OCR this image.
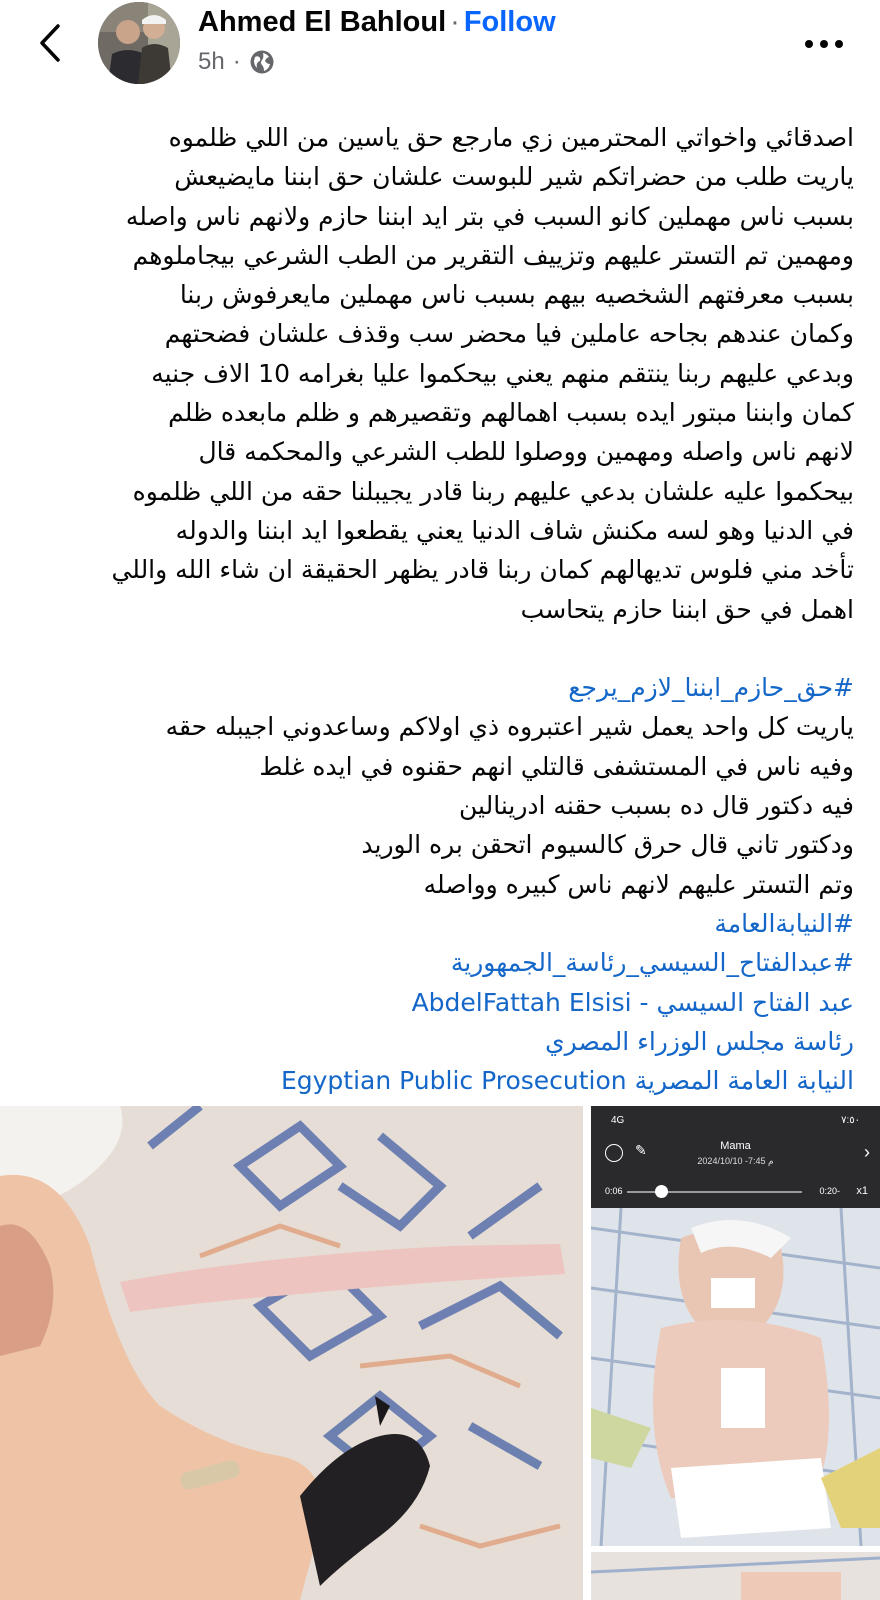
Ahmed El Bahloul · Follow
5h ·
اصدقائي واخواتي المحترمين زي مارجع حق ياسين من اللي ظلموه
ياريت طلب من حضراتكم شير للبوست علشان حق ابننا مايضيعش
بسبب ناس مهملين كانو السبب في بتر ايد ابننا حازم ولانهم ناس واصله
ومهمين تم التستر عليهم وتزييف التقرير من الطب الشرعي بيجاملوهم
بسبب معرفتهم الشخصيه بيهم بسبب ناس مهملين مايعرفوش ربنا
وكمان عندهم بجاحه عاملين فيا محضر سب وقذف علشان فضحتهم
وبدعي عليهم ربنا ينتقم منهم يعني بيحكموا عليا بغرامه 10 الاف جنيه
كمان وابننا مبتور ايده بسبب اهمالهم وتقصيرهم و ظلم مابعده ظلم
لانهم ناس واصله ومهمين ووصلوا للطب الشرعي والمحكمه قال
بيحكموا عليه علشان بدعي عليهم ربنا قادر يجيبلنا حقه من اللي ظلموه
في الدنيا وهو لسه مكنش شاف الدنيا يعني يقطعوا ايد ابننا والدوله
تأخد مني فلوس تديهالهم كمان ربنا قادر يظهر الحقيقة ان شاء الله واللي
اهمل في حق ابننا حازم يتحاسب
#حق_حازم_ابننا_لازم_يرجع
ياريت كل واحد يعمل شير اعتبروه ذي اولاكم وساعدوني اجيبله حقه
وفيه ناس في المستشفى قالتلي انهم حقنوه في ايده غلط
فيه دكتور قال ده بسبب حقنه ادرينالين
ودكتور تاني قال حرق كالسيوم اتحقن بره الوريد
وتم التستر عليهم لانهم ناس كبيره وواصله
#النيابةالعامة
#عبدالفتاح_السيسي_رئاسة_الجمهورية
عبد الفتاح السيسي - AbdelFattah Elsisi
رئاسة مجلس الوزراء المصري
النيابة العامة المصرية Egyptian Public Prosecution
4G	٧:٥٠
✎	Mama
2024/10/10 -7:45 م	›
0:06	0:20- x1
